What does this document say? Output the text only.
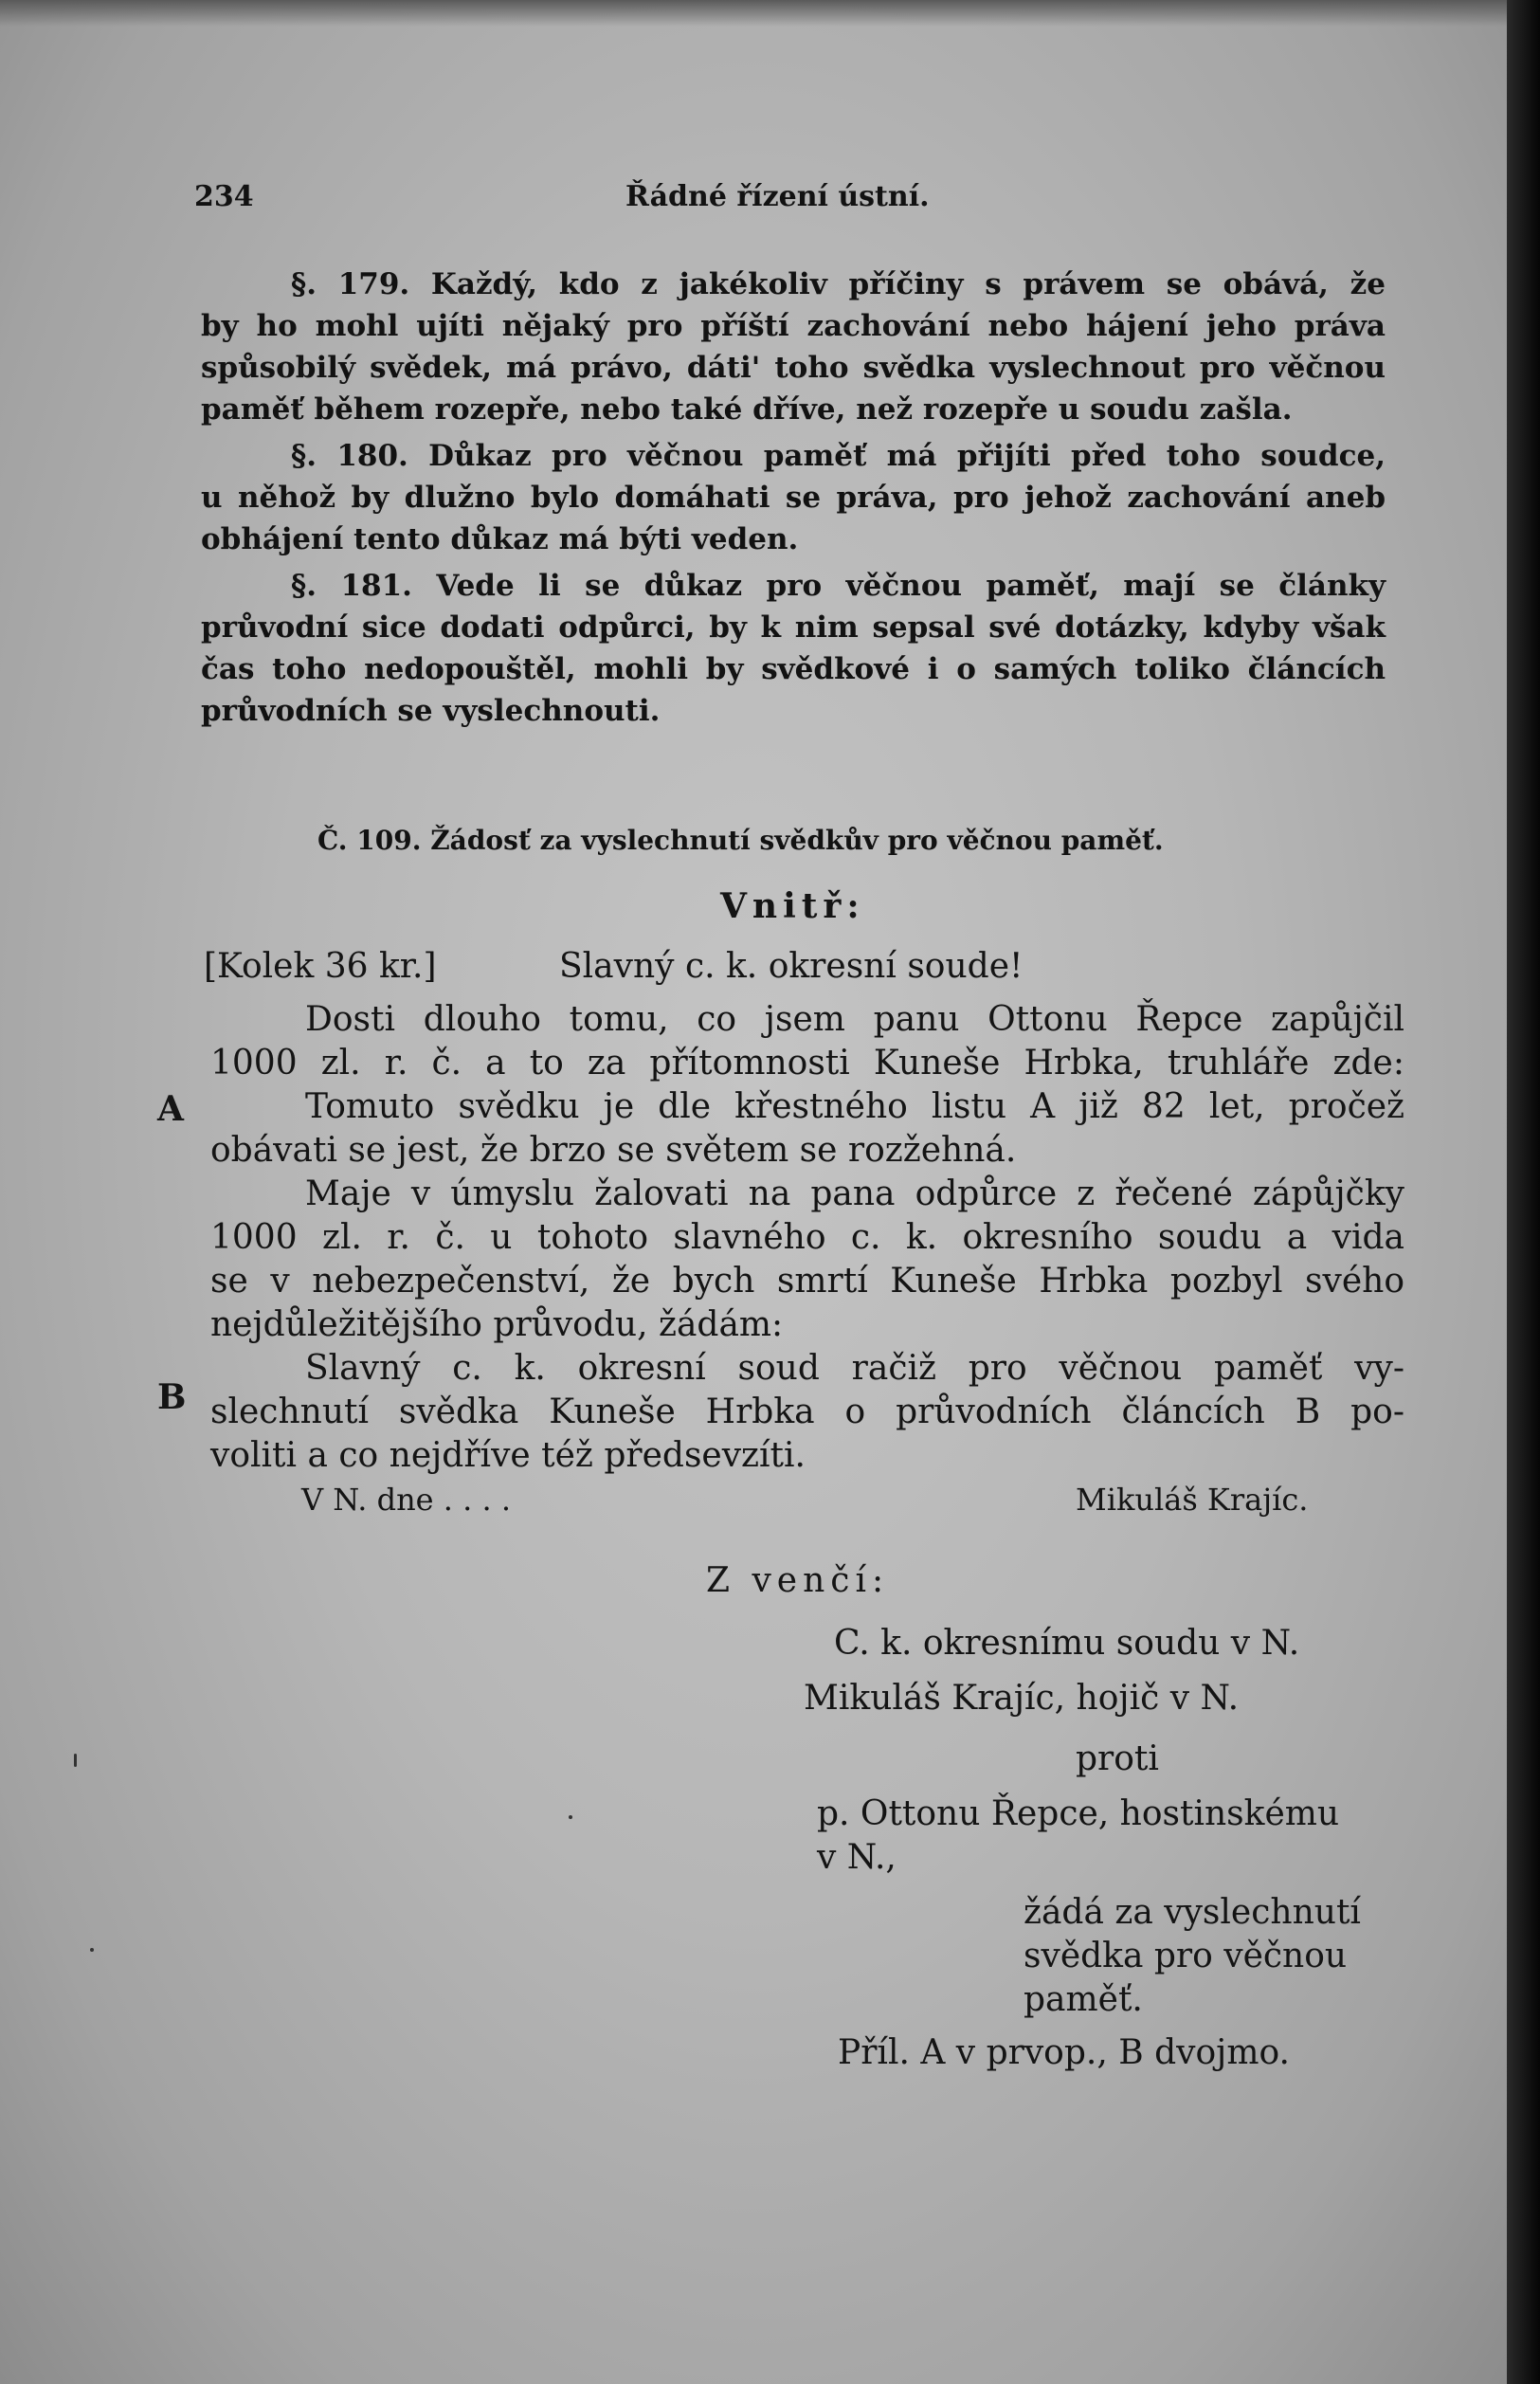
234	Řádné řízení ústní.
§. 179. Každý, kdo z jakékoliv příčiny s právem se obává, že
by ho mohl ujíti nějaký pro příští zachování nebo hájení jeho práva
spůsobilý svědek, má právo, dáti' toho svědka vyslechnout pro věčnou
paměť během rozepře, nebo také dříve, než rozepře u soudu zašla.
§. 180. Důkaz pro věčnou paměť má přijíti před toho soudce,
u něhož by dlužno bylo domáhati se práva, pro jehož zachování aneb
obhájení tento důkaz má býti veden.
§. 181. Vede li se důkaz pro věčnou paměť, mají se články
průvodní sice dodati odpůrci, by k nim sepsal své dotázky, kdyby však
čas toho nedopouštěl, mohli by svědkové i o samých toliko článcích
průvodních se vyslechnouti.
Č. 109. Žádosť za vyslechnutí svědkův pro věčnou paměť.
Vnitř:
[Kolek 36 kr.]	Slavný c. k. okresní soude!
Dosti dlouho tomu, co jsem panu Ottonu Řepce zapůjčil
1000 zl. r. č. a to za přítomnosti Kuneše Hrbka, truhláře zde:
Tomuto svědku je dle křestného listu A již 82 let, pročež
obávati se jest, že brzo se světem se rozžehná.
Maje v úmyslu žalovati na pana odpůrce z řečené zápůjčky
1000 zl. r. č. u tohoto slavného c. k. okresního soudu a vida
se v nebezpečenství, že bych smrtí Kuneše Hrbka pozbyl svého
nejdůležitějšího průvodu, žádám:
Slavný c. k. okresní soud račiž pro věčnou paměť vy-
slechnutí svědka Kuneše Hrbka o průvodních článcích B po-
voliti a co nejdříve též předsevzíti.
A
B
V N. dne . . . .	Mikuláš Krajíc.
Z venčí:
C. k. okresnímu soudu v N.
Mikuláš Krajíc, hojič v N.
proti
p. Ottonu Řepce, hostinskému
v N.,
žádá za vyslechnutí
svědka pro věčnou
paměť.
Příl. A v prvop., B dvojmo.
